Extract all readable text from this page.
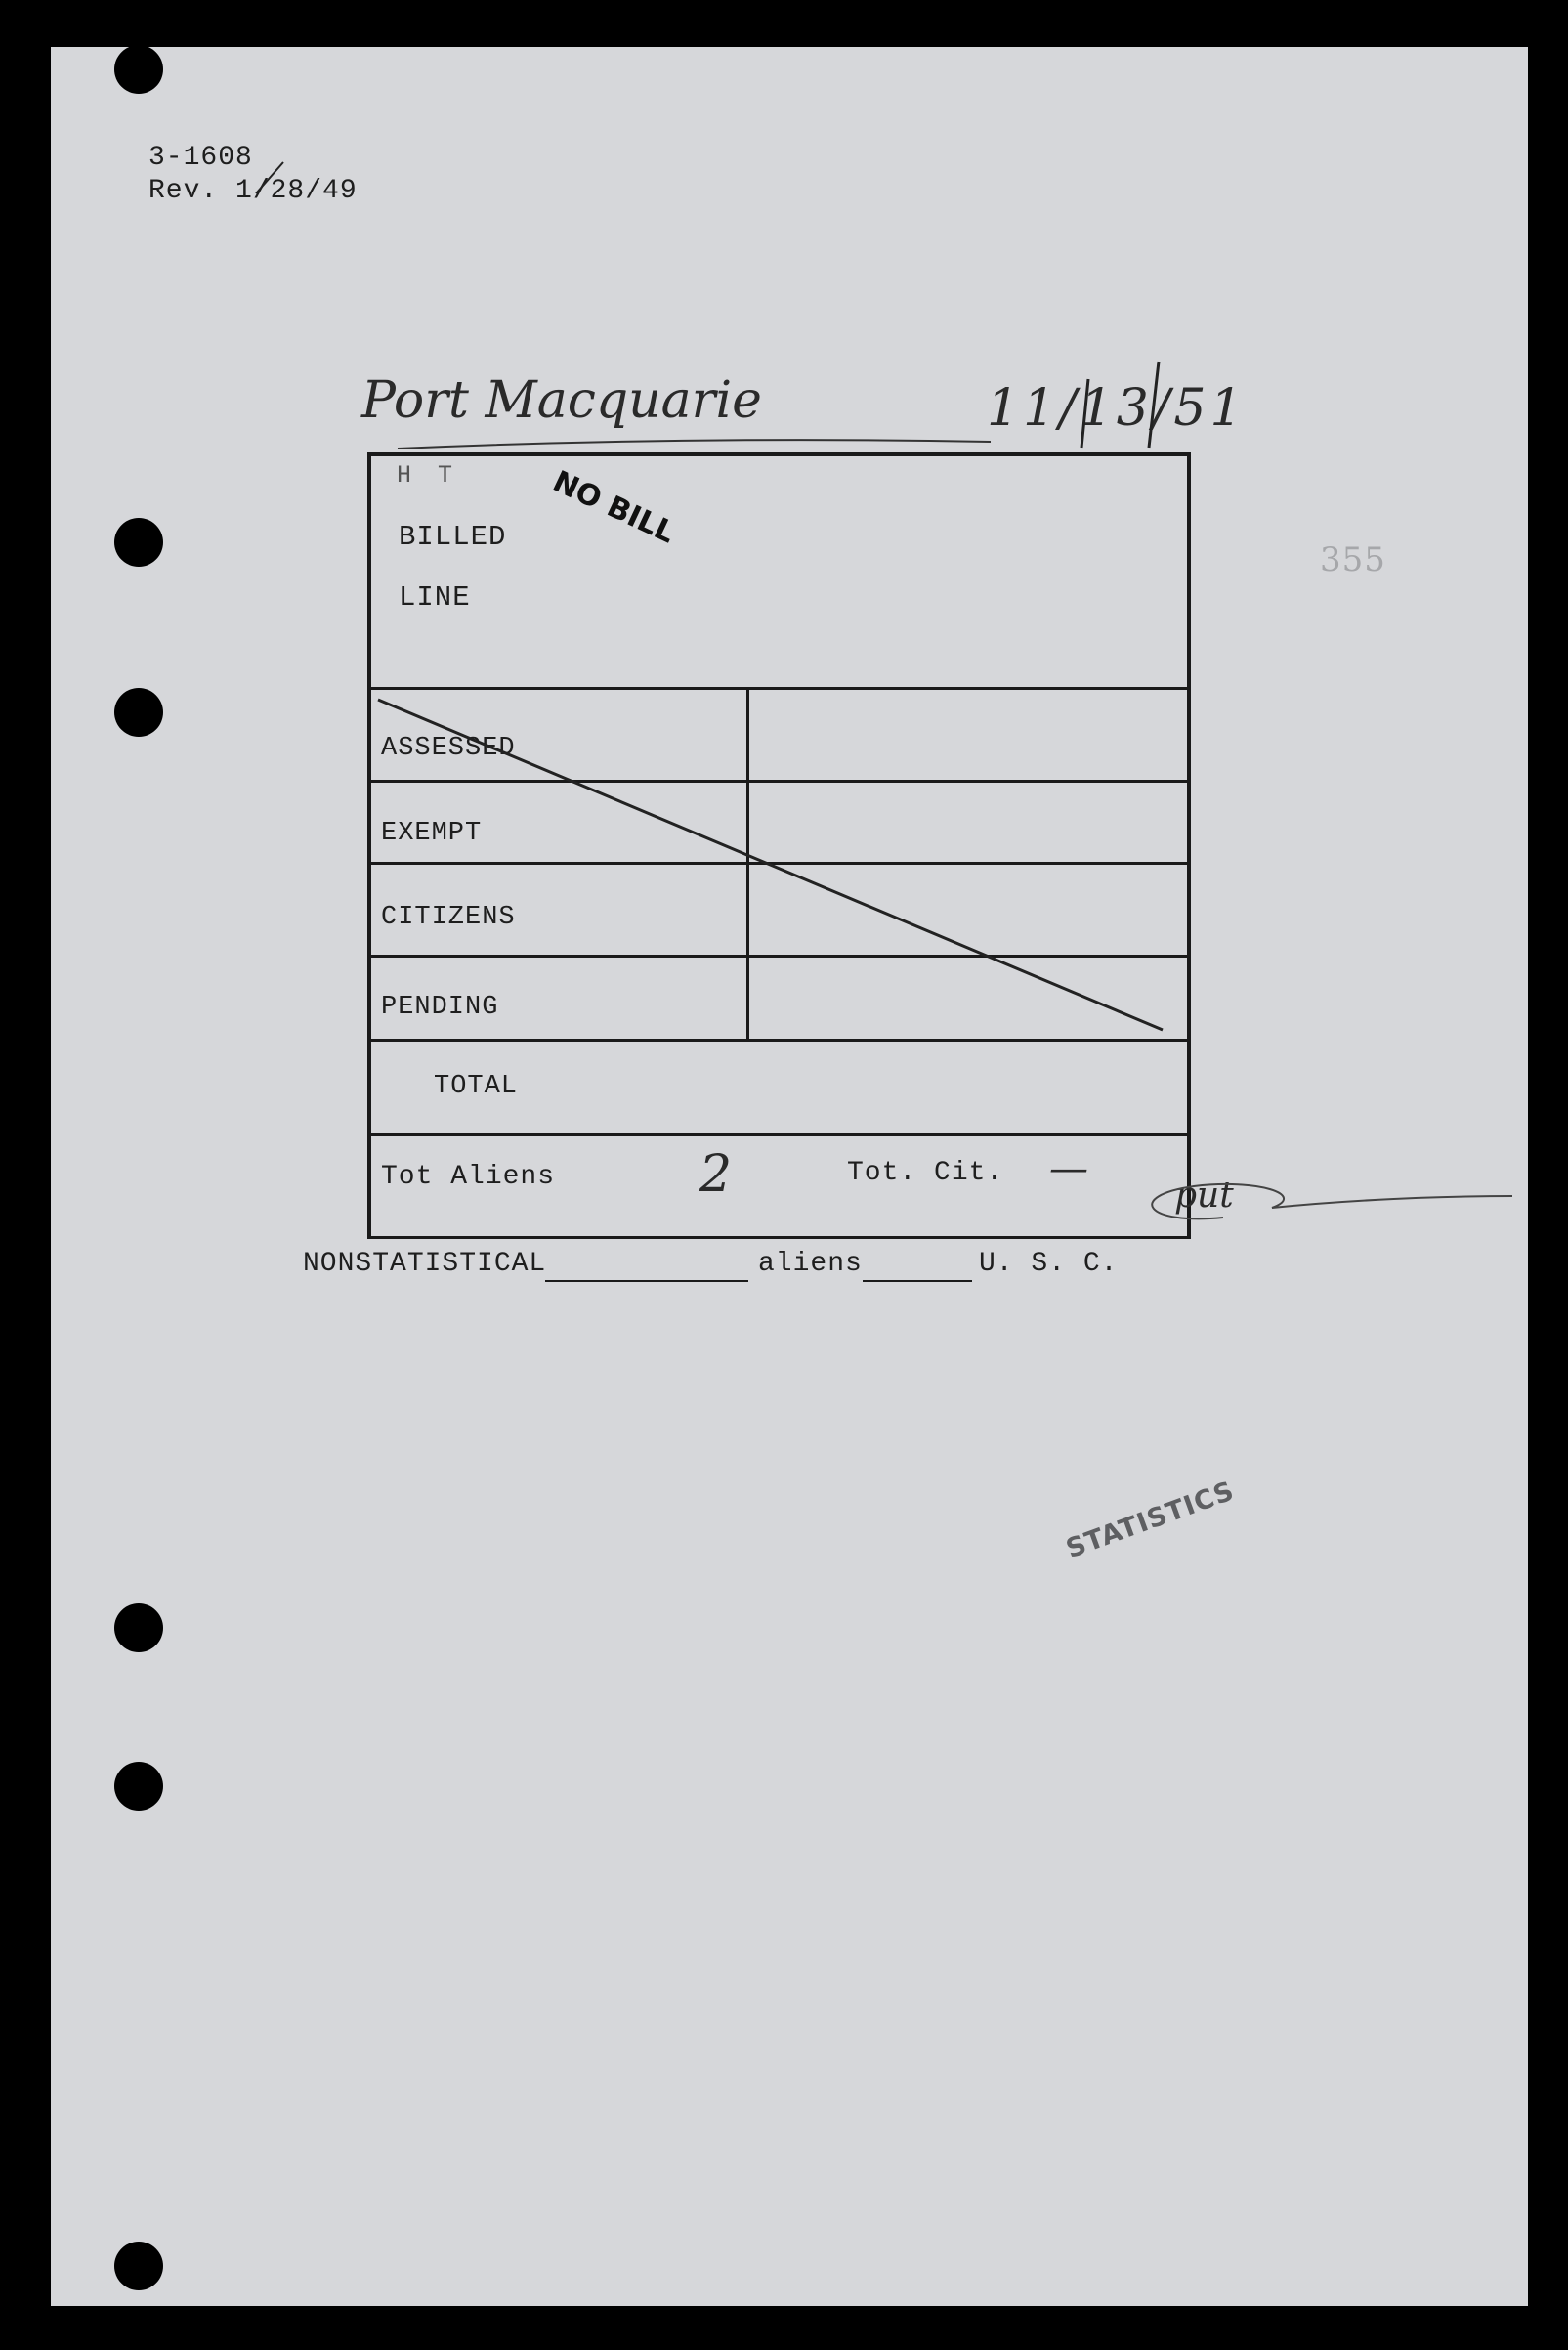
3-1608
Rev. 1/28/49
355
Port Macquarie	11/13/51
H T
BILLED
LINE
NO BILL
ASSESSED
EXEMPT
CITIZENS
PENDING
TOTAL
Tot Aliens	2	Tot. Cit. —
put
NONSTATISTICAL	aliens	U. S. C.
STATISTICS
